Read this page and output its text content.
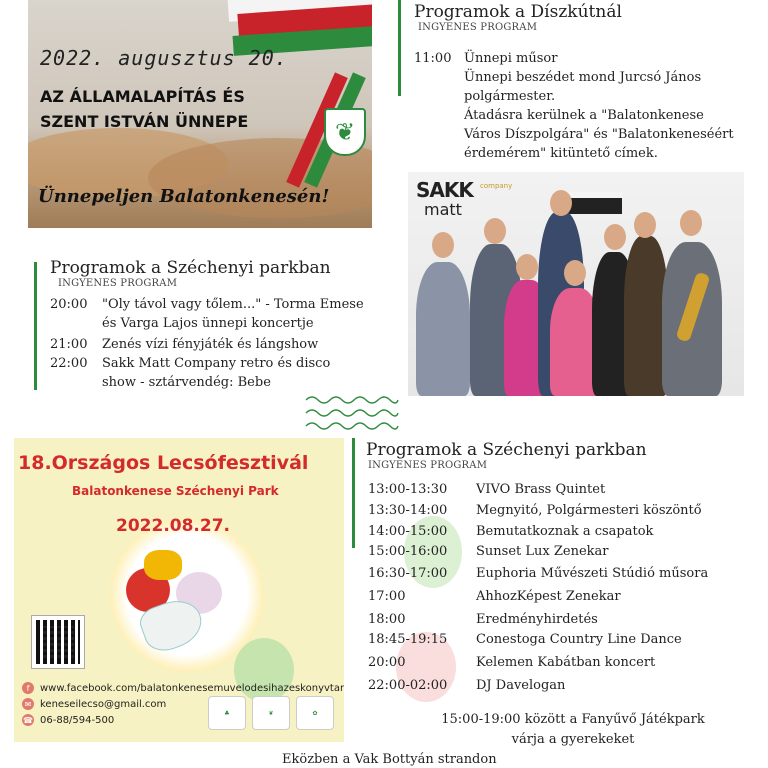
2022. augusztus 20.
AZ ÁLLAMALAPÍTÁS ÉS
SZENT ISTVÁN ÜNNEPE	❦
Ünnepeljen Balatonkenesén!
Programok a Díszkútnál
INGYENES PROGRAM
11:00 Ünnepi műsor
Ünnepi beszédet mond Jurcsó János
polgármester.
Átadásra kerülnek a "Balatonkenese
Város Díszpolgára" és "Balatonkeneséért
érdemérem" kitüntető címek.
SAKK
matt
company
Programok a Széchenyi parkban
INGYENES PROGRAM
20:00	"Oly távol vagy tőlem..." - Torma Emese
és Varga Lajos ünnepi koncertje

21:00	Zenés vízi fényjáték és lángshow
22:00	Sakk Matt Company retro és disco
show - sztárvendég: Bebe
18.Országos Lecsófesztivál
Balatonkenese Széchenyi Park
2022.08.27.
f	www.facebook.com/balatonkenesemuvelodesihazeskonyvtar
✉ keneseilecso@gmail.com
☎ 06-88/594-500
♣	❦	✿
Programok a Széchenyi parkban
INGYENES PROGRAM
13:00-13:30	VIVO Brass Quintet
13:30-14:00	Megnyitó, Polgármesteri köszöntő
14:00-15:00	Bemutatkoznak a csapatok
15:00-16:00	Sunset Lux Zenekar
16:30-17:00	Euphoria Művészeti Stúdió műsora
17:00	AhhozKépest Zenekar
18:00	Eredményhirdetés
18:45-19:15	Conestoga Country Line Dance
20:00	Kelemen Kabátban koncert
22:00-02:00	DJ Davelogan
15:00-19:00 között a Fanyűvő Játékpark
várja a gyerekeket
Eközben a Vak Bottyán strandon
